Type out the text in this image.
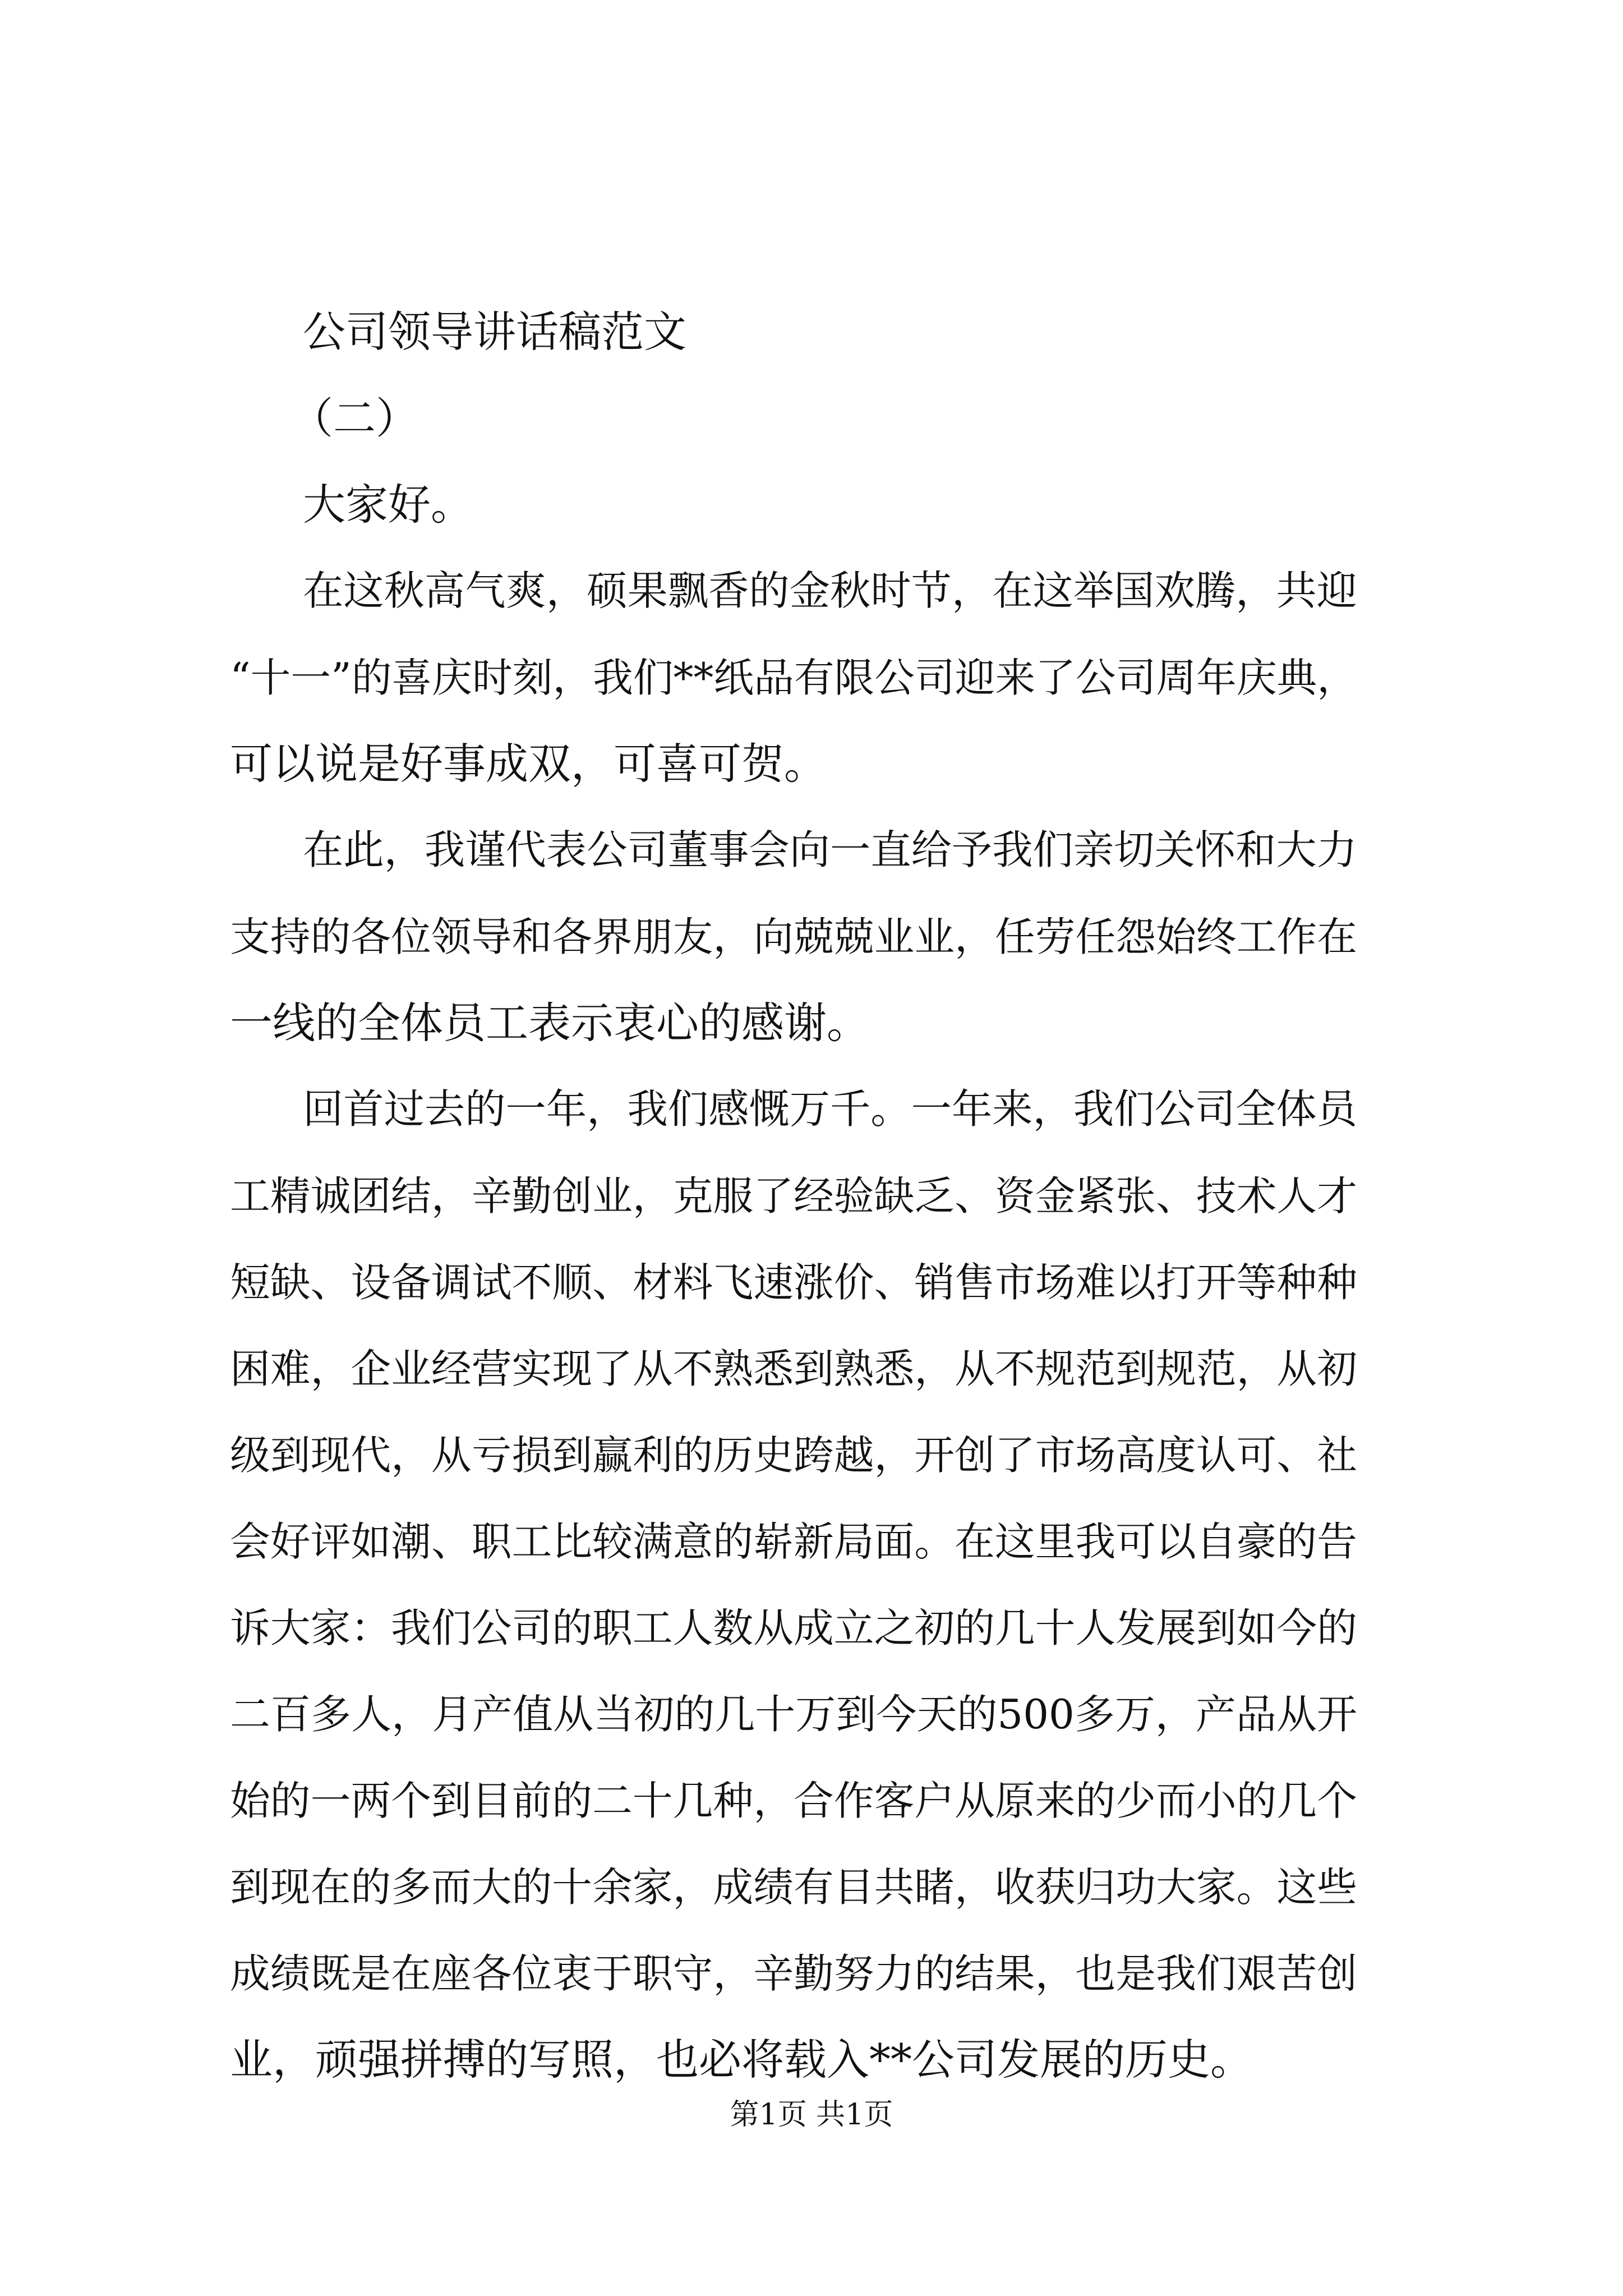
公司领导讲话稿范文

（二）

大家好。

在这秋高气爽，硕果飘香的金秋时节，在这举国欢腾，共迎
“十一”的喜庆时刻，我们**纸品有限公司迎来了公司周年庆典，
可以说是好事成双，可喜可贺。
在此，我谨代表公司董事会向一直给予我们亲切关怀和大力
支持的各位领导和各界朋友，向兢兢业业，任劳任怨始终工作在
一线的全体员工表示衷心的感谢。
回首过去的一年，我们感慨万千。一年来，我们公司全体员
工精诚团结，辛勤创业，克服了经验缺乏、资金紧张、技术人才
短缺、设备调试不顺、材料飞速涨价、销售市场难以打开等种种
困难，企业经营实现了从不熟悉到熟悉，从不规范到规范，从初
级到现代，从亏损到赢利的历史跨越，开创了市场高度认可、社
会好评如潮、职工比较满意的崭新局面。在这里我可以自豪的告
诉大家：我们公司的职工人数从成立之初的几十人发展到如今的
二百多人，月产值从当初的几十万到今天的500多万，产品从开
始的一两个到目前的二十几种，合作客户从原来的少而小的几个
到现在的多而大的十余家，成绩有目共睹，收获归功大家。这些
成绩既是在座各位衷于职守，辛勤努力的结果，也是我们艰苦创
业，顽强拼搏的写照，也必将载入**公司发展的历史。
第1页 共1页
